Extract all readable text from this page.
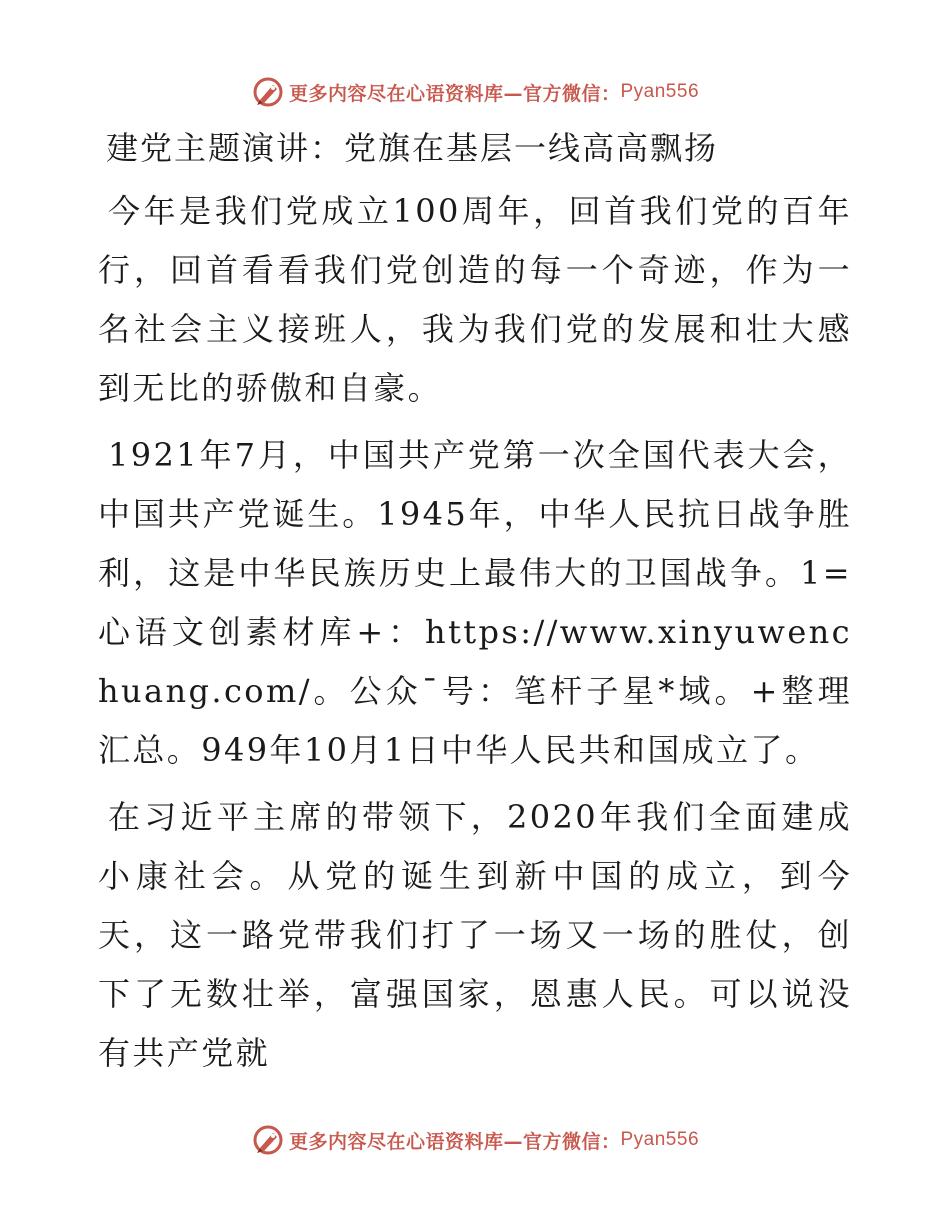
更多内容尽在心语资料库—官方微信： Pyan556
建党主题演讲：党旗在基层一线高高飘扬

今年是我们党成立100周年，回首我们党的百年行，回首看看我们党创造的每一个奇迹，作为一名社会主义接班人，我为我们党的发展和壮大感到无比的骄傲和自豪。

1921年7月，中国共产党第一次全国代表大会，中国共产党诞生。1945年，中华人民抗日战争胜利，这是中华民族历史上最伟大的卫国战争。1=心语文创素材库+：https://www.xinyuwenchuang.com/。公众¯号：笔杆子星*域。+整理汇总。949年10月1日中华人民共和国成立了。

在习近平主席的带领下，2020年我们全面建成小康社会。从党的诞生到新中国的成立，到今天，这一路党带我们打了一场又一场的胜仗，创下了无数壮举，富强国家，恩惠人民。可以说没有共产党就

更多内容尽在心语资料库—官方微信： Pyan556
